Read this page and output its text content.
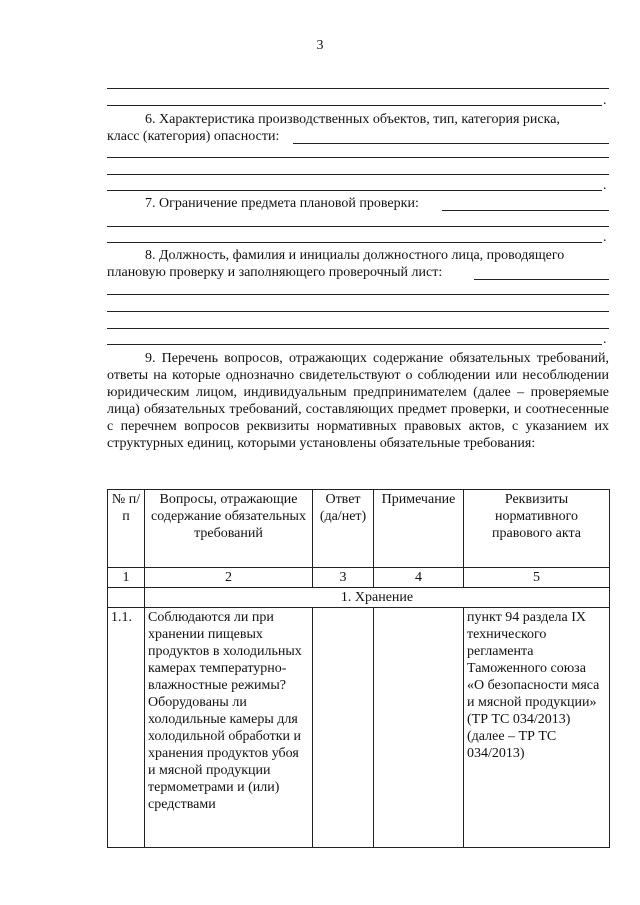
3
.
6. Характеристика производственных объектов, тип, категория риска,
класс (категория) опасности:
.
7. Ограничение предмета плановой проверки:
.
8. Должность, фамилия и инициалы должностного лица, проводящего
плановую проверку и заполняющего проверочный лист:
.
9. Перечень вопросов, отражающих содержание обязательных требований, ответы на которые однозначно свидетельствуют о соблюдении или несоблюдении юридическим лицом, индивидуальным предпринимателем (далее – проверяемые лица) обязательных требований, составляющих предмет проверки, и соотнесенные с перечнем вопросов реквизиты нормативных правовых актов, с указанием их структурных единиц, которыми установлены обязательные требования:
№ п/п	Вопросы, отражающие содержание обязательных требований	Ответ (да/нет)	Примечание	Реквизиты нормативного правового акта
1	2	3	4	5
	1. Хранение			
1.1.	Соблюдаются ли при хранении пищевых продуктов в холодильных камерах температурно-влажностные режимы? Оборудованы ли холодильные камеры для холодильной обработки и хранения продуктов убоя и мясной продукции термометрами и (или) средствами			пункт 94 раздела IX технического регламента Таможенного союза «О безопасности мяса и мясной продукции» (ТР ТС 034/2013) (далее – ТР ТС 034/2013)
